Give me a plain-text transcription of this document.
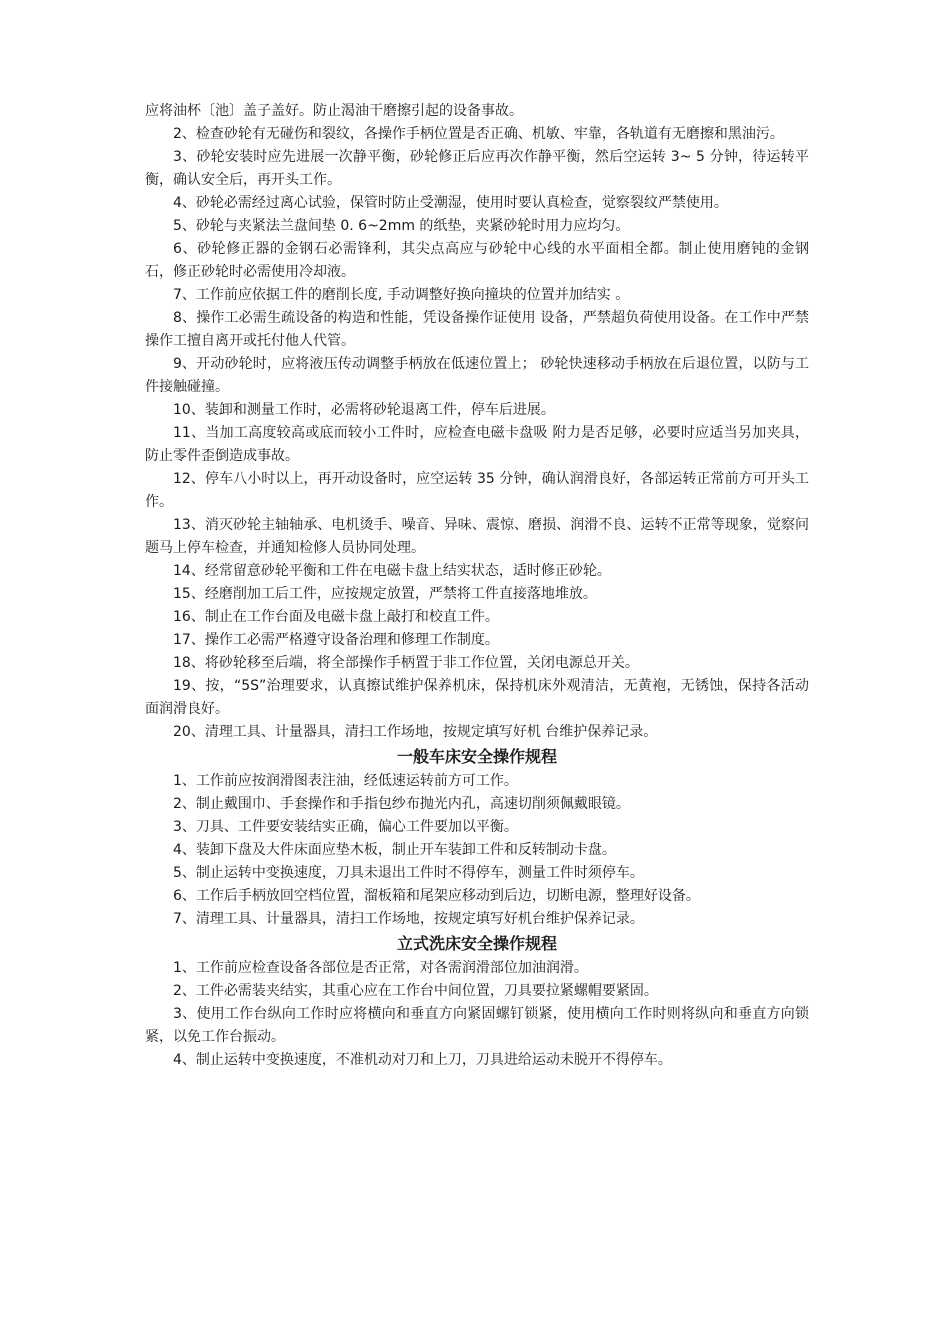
应将油杯〔池〕盖子盖好。防止渴油干磨擦引起的设备事故。

2、检查砂轮有无碰伤和裂纹，各操作手柄位置是否正确、机敏、牢靠，各轨道有无磨擦和黑油污。

3、砂轮安装时应先进展一次静平衡，砂轮修正后应再次作静平衡，然后空运转 3~ 5 分钟，待运转平衡，确认安全后，再开头工作。

4、砂轮必需经过离心试验，保管时防止受潮湿，使用时要认真检查，觉察裂纹严禁使用。

5、砂轮与夹紧法兰盘间垫 0. 6~2mm 的纸垫，夹紧砂轮时用力应均匀。

6、砂轮修正器的金钢石必需锋利，其尖点高应与砂轮中心线的水平面相全都。制止使用磨钝的金钢石，修正砂轮时必需使用冷却液。

7、工作前应依据工件的磨削长度, 手动调整好换向撞块的位置并加结实 。

8、操作工必需生疏设备的构造和性能，凭设备操作证使用 设备，严禁超负荷使用设备。在工作中严禁操作工擅自离开或托付他人代管。

9、开动砂轮时，应将液压传动调整手柄放在低速位置上； 砂轮快速移动手柄放在后退位置，以防与工件接触碰撞。

10、装卸和测量工作时，必需将砂轮退离工件，停车后进展。

11、当加工高度较高或底而较小工件时，应检查电磁卡盘吸 附力是否足够，必要时应适当另加夹具，防止零件歪倒造成事故。

12、停车八小时以上，再开动设备时，应空运转 35 分钟，确认润滑良好，各部运转正常前方可开头工作。

13、消灭砂轮主轴轴承、电机烫手、噪音、异味、震惊、磨损、润滑不良、运转不正常等现象，觉察问题马上停车检查，并通知检修人员协同处理。

14、经常留意砂轮平衡和工件在电磁卡盘上结实状态，适时修正砂轮。

15、经磨削加工后工件，应按规定放置，严禁将工件直接落地堆放。

16、制止在工作台面及电磁卡盘上敲打和校直工件。

17、操作工必需严格遵守设备治理和修理工作制度。

18、将砂轮移至后端，将全部操作手柄置于非工作位置，关闭电源总开关。

19、按，“5S”治理要求，认真擦试维护保养机床，保持机床外观清洁，无黄袍，无锈蚀，保持各活动面润滑良好。

20、清理工具、计量器具，清扫工作场地，按规定填写好机 台维护保养记录。

一般车床安全操作规程

1、工作前应按润滑图表注油，经低速运转前方可工作。

2、制止戴围巾、手套操作和手指包纱布抛光内孔，高速切削须佩戴眼镜。

3、刀具、工件要安装结实正确，偏心工件要加以平衡。

4、装卸下盘及大件床面应垫木板，制止开车装卸工件和反转制动卡盘。

5、制止运转中变换速度，刀具未退出工件时不得停车，测量工件时须停车。

6、工作后手柄放回空档位置，溜板箱和尾架应移动到后边，切断电源，整理好设备。

7、清理工具、计量器具，清扫工作场地，按规定填写好机台维护保养记录。

立式洗床安全操作规程

1、工作前应检查设备各部位是否正常，对各需润滑部位加油润滑。

2、工件必需装夹结实，其重心应在工作台中间位置，刀具要拉紧螺帽要紧固。

3、使用工作台纵向工作时应将横向和垂直方向紧固螺钉锁紧，使用横向工作时则将纵向和垂直方向锁紧，以免工作台振动。

4、制止运转中变换速度，不准机动对刀和上刀，刀具进给运动未脱开不得停车。
